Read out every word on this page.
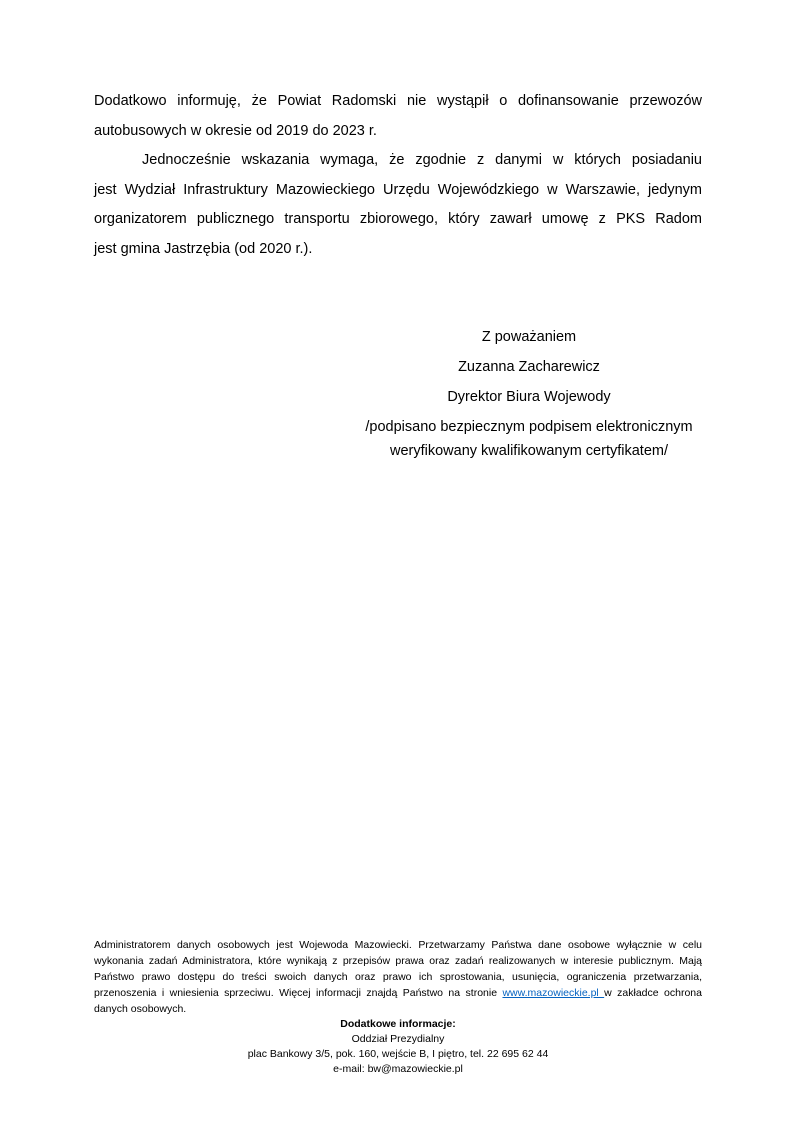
Dodatkowo informuję, że Powiat Radomski nie wystąpił o dofinansowanie przewozów
autobusowych w okresie od 2019 do 2023 r.
Jednocześnie wskazania wymaga, że zgodnie z danymi w których posiadaniu
jest Wydział Infrastruktury Mazowieckiego Urzędu Wojewódzkiego w Warszawie, jedynym
organizatorem publicznego transportu zbiorowego, który zawarł umowę z PKS Radom
jest gmina Jastrzębia (od 2020 r.).
Z poważaniem
Zuzanna Zacharewicz
Dyrektor Biura Wojewody
/podpisano bezpiecznym podpisem elektronicznym
weryfikowany kwalifikowanym certyfikatem/
Administratorem danych osobowych jest Wojewoda Mazowiecki. Przetwarzamy Państwa dane osobowe wyłącznie w celu
wykonania zadań Administratora, które wynikają z przepisów prawa oraz zadań realizowanych w interesie publicznym. Mają
Państwo prawo dostępu do treści swoich danych oraz prawo ich sprostowania, usunięcia, ograniczenia przetwarzania,
przenoszenia i wniesienia sprzeciwu. Więcej informacji znajdą Państwo na stronie www.mazowieckie.pl w zakładce ochrona
danych osobowych.
Dodatkowe informacje:
Oddział Prezydialny
plac Bankowy 3/5, pok. 160, wejście B, I piętro, tel. 22 695 62 44
e-mail: bw@mazowieckie.pl
